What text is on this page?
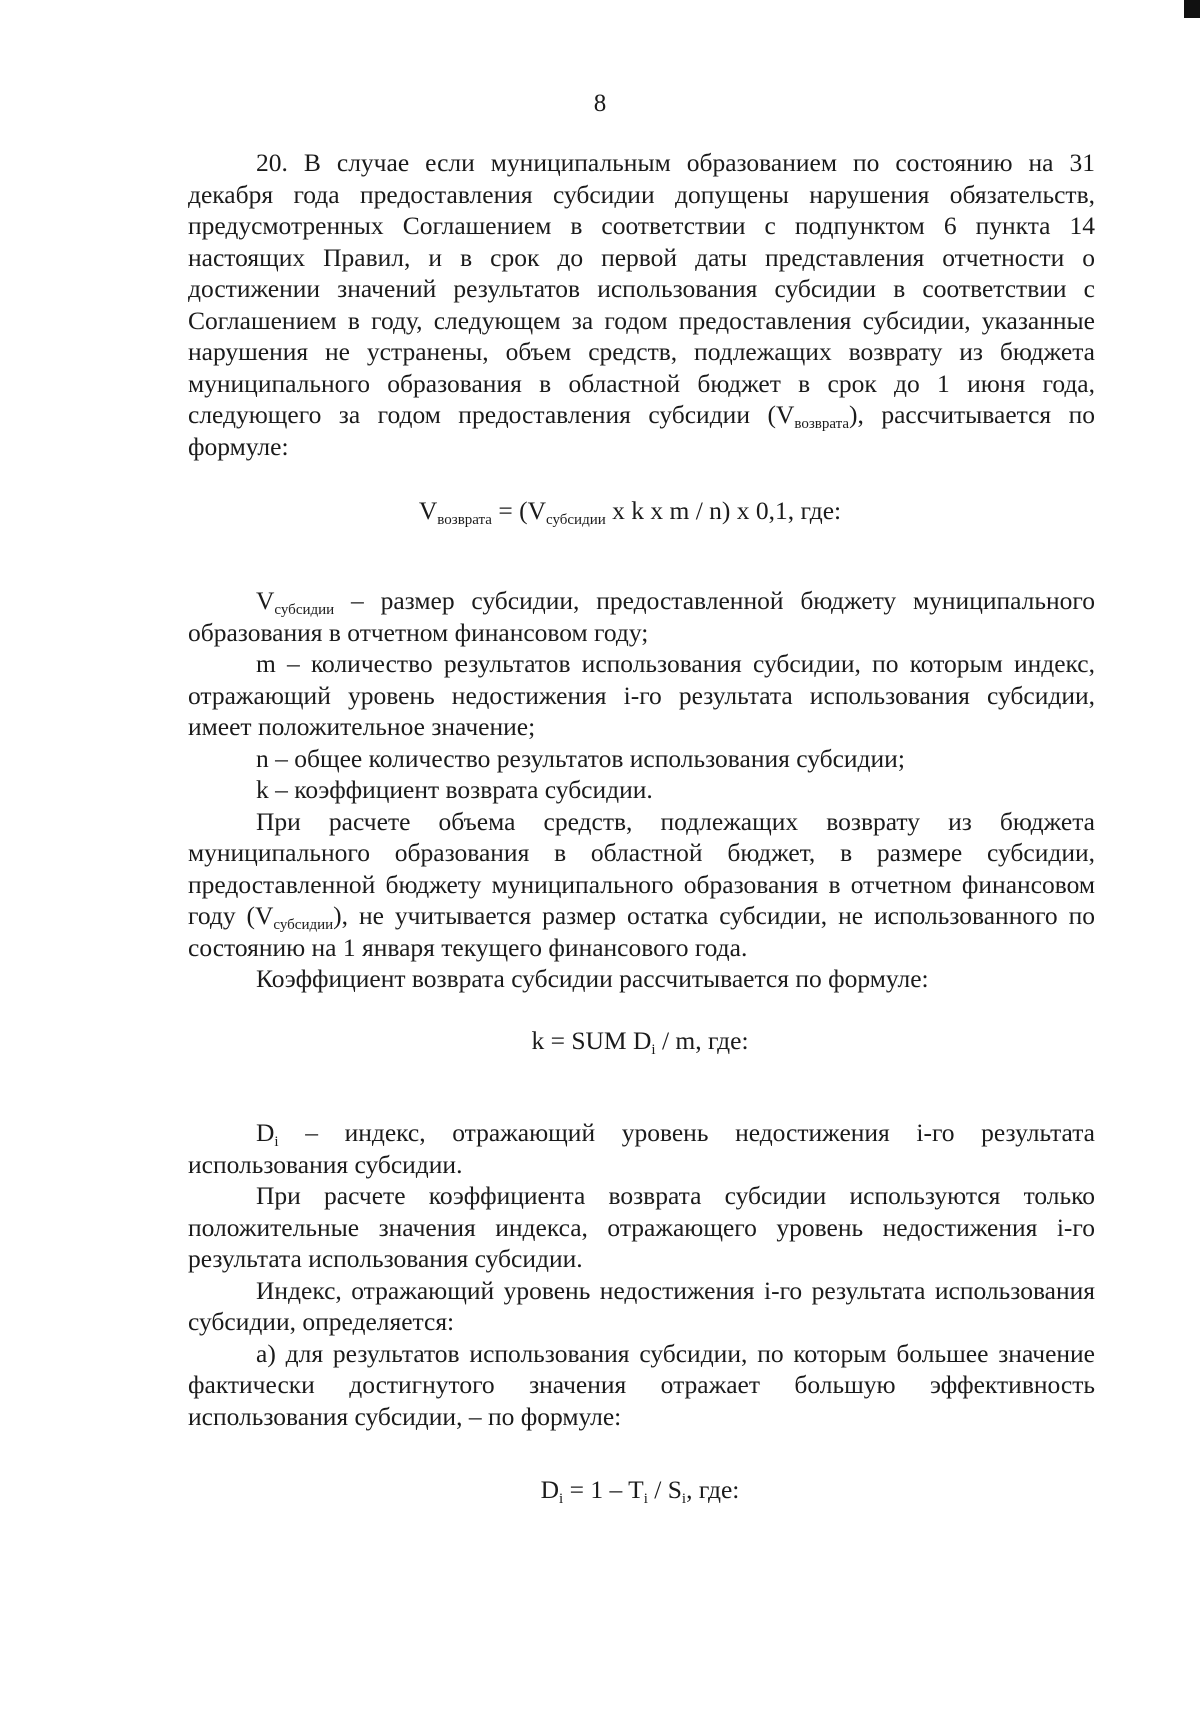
8

20. В случае если муниципальным образованием по состоянию на 31 декабря года предоставления субсидии допущены нарушения обязательств, предусмотренных Соглашением в соответствии с подпунктом 6 пункта 14 настоящих Правил, и в срок до первой даты представления отчетности о достижении значений результатов использования субсидии в соответствии с Соглашением в году, следующем за годом предоставления субсидии, указанные нарушения не устранены, объем средств, подлежащих возврату из бюджета муниципального образования в областной бюджет в срок до 1 июня года, следующего за годом предоставления субсидии $(V_{возврата})$, рассчитывается по формуле:

$V_{возврата} = (V_{субсидии}$ x k x m / n) x 0,1, где:

$V_{субсидии}$ – размер субсидии, предоставленной бюджету муниципального образования в отчетном финансовом году;

m – количество результатов использования субсидии, по которым индекс, отражающий уровень недостижения i-го результата использования субсидии, имеет положительное значение;

n – общее количество результатов использования субсидии;

k – коэффициент возврата субсидии.

При расчете объема средств, подлежащих возврату из бюджета муниципального образования в областной бюджет, в размере субсидии, предоставленной бюджету муниципального образования в отчетном финансовом году $(V_{субсидии})$, не учитывается размер остатка субсидии, не использованного по состоянию на 1 января текущего финансового года.

Коэффициент возврата субсидии рассчитывается по формуле:

k = SUM $D_i$ / m, где:

$D_i$ – индекс, отражающий уровень недостижения i-го результата использования субсидии.

При расчете коэффициента возврата субсидии используются только положительные значения индекса, отражающего уровень недостижения i-го результата использования субсидии.

Индекс, отражающий уровень недостижения i-го результата использования субсидии, определяется:

а) для результатов использования субсидии, по которым большее значение фактически достигнутого значения отражает большую эффективность использования субсидии, – по формуле:

$D_i = 1 - T_i / S_i$, где:
